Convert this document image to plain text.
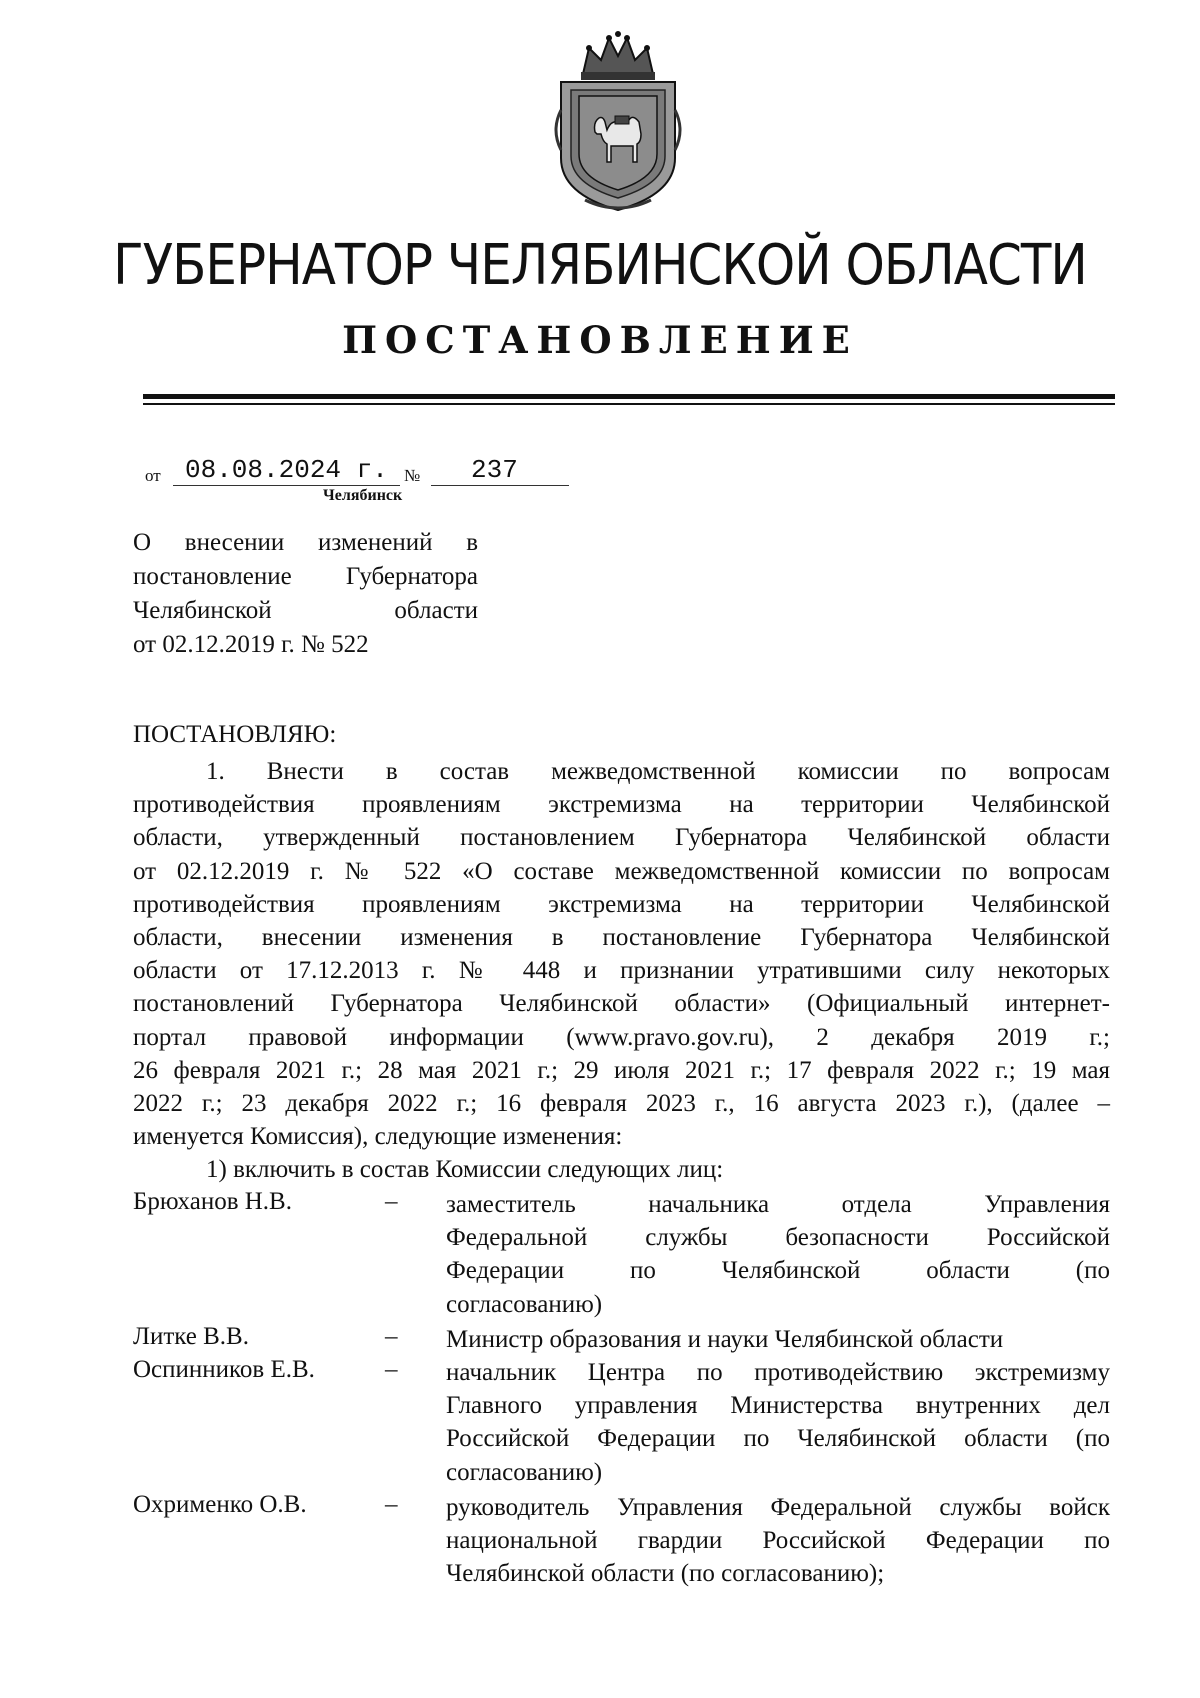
ГУБЕРНАТОР ЧЕЛЯБИНСКОЙ ОБЛАСТИ
ПОСТАНОВЛЕНИЕ
от 08.08.2024 г. №	237
Челябинск
О внесении изменений в
постановление Губернатора
Челябинской области
от 02.12.2019 г. № 522
ПОСТАНОВЛЯЮ:
1. Внести в состав межведомственной комиссии по вопросам
противодействия проявлениям экстремизма на территории Челябинской
области, утвержденный постановлением Губернатора Челябинской области
от 02.12.2019 г. № 522 «О составе межведомственной комиссии по вопросам
противодействия проявлениям экстремизма на территории Челябинской
области, внесении изменения в постановление Губернатора Челябинской
области от 17.12.2013 г. № 448 и признании утратившими силу некоторых
постановлений Губернатора Челябинской области» (Официальный интернет-
портал правовой информации (www.pravo.gov.ru), 2 декабря 2019 г.;
26 февраля 2021 г.; 28 мая 2021 г.; 29 июля 2021 г.; 17 февраля 2022 г.; 19 мая
2022 г.; 23 декабря 2022 г.; 16 февраля 2023 г., 16 августа 2023 г.), (далее –
именуется Комиссия), следующие изменения:
1) включить в состав Комиссии следующих лиц:
Брюханов Н.В.	– заместитель начальника отдела Управления
Федеральной службы безопасности Российской
Федерации по Челябинской области (по
согласованию)
Литке В.В.	– Министр образования и науки Челябинской области
Оспинников Е.В.	– начальник Центра по противодействию экстремизму
Главного управления Министерства внутренних дел
Российской Федерации по Челябинской области (по
согласованию)
Охрименко О.В.	– руководитель Управления Федеральной службы войск
национальной гвардии Российской Федерации по
Челябинской области (по согласованию);
